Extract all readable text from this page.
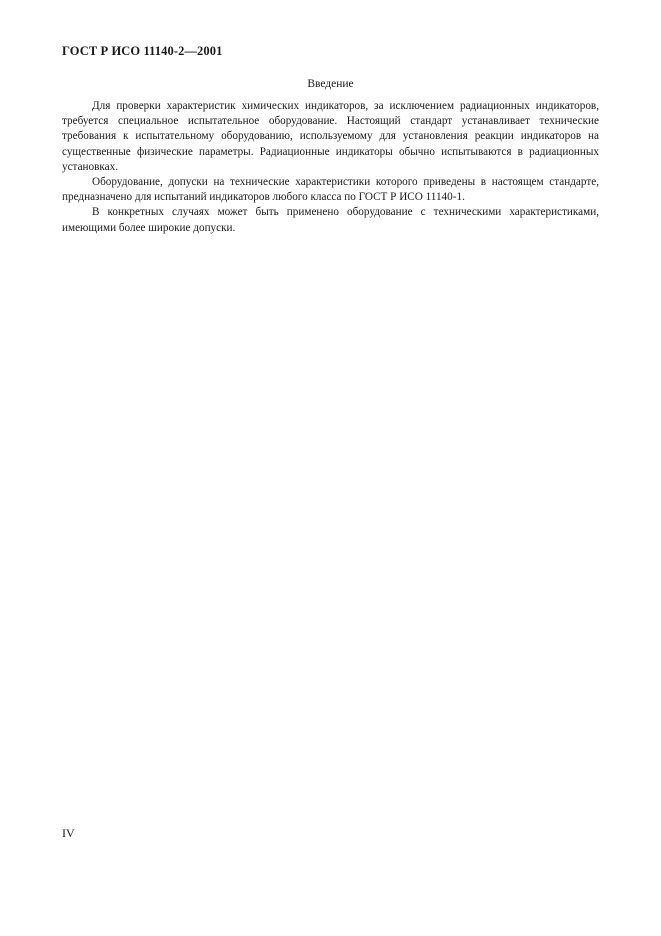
ГОСТ Р ИСО 11140-2—2001
Введение

Для проверки характеристик химических индикаторов, за исключением радиационных индикаторов, требуется специальное испытательное оборудование. Настоящий стандарт устанавливает технические требования к испытательному оборудованию, используемому для установления реакции индикаторов на существенные физические параметры. Радиационные индикаторы обычно испытываются в радиационных установках.

Оборудование, допуски на технические характеристики которого приведены в настоящем стандарте, предназначено для испытаний индикаторов любого класса по ГОСТ Р ИСО 11140-1.

В конкретных случаях может быть применено оборудование с техническими характеристиками, имеющими более широкие допуски.

IV
